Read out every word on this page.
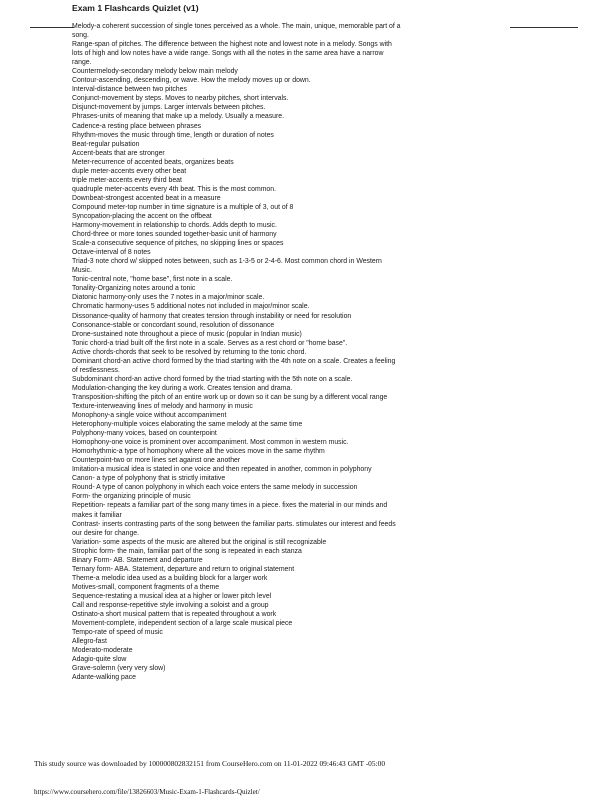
Exam 1 Flashcards Quizlet (v1)

Melody-a coherent succession of single tones perceived as a whole. The main, unique, memorable part of a song.

Range-span of pitches. The difference between the highest note and lowest note in a melody. Songs with lots of high and low notes have a wide range. Songs with all the notes in the same area have a narrow range.

Countermelody-secondary melody below main melody

Contour-ascending, descending, or wave. How the melody moves up or down.

Interval-distance between two pitches

Conjunct-movement by steps. Moves to nearby pitches, short intervals.

Disjunct-movement by jumps. Larger intervals between pitches.

Phrases-units of meaning that make up a melody. Usually a measure.

Cadence-a resting place between phrases

Rhythm-moves the music through time, length or duration of notes

Beat-regular pulsation

Accent-beats that are stronger

Meter-recurrence of accented beats, organizes beats

duple meter-accents every other beat

triple meter-accents every third beat

quadruple meter-accents every 4th beat. This is the most common.

Downbeat-strongest accented beat in a measure

Compound meter-top number in time signature is a multiple of 3, out of 8

Syncopation-placing the accent on the offbeat

Harmony-movement in relationship to chords. Adds depth to music.

Chord-three or more tones sounded together-basic unit of harmony

Scale-a consecutive sequence of pitches, no skipping lines or spaces

Octave-interval of 8 notes

Triad-3 note chord w/ skipped notes between, such as 1-3-5 or 2-4-6. Most common chord in Western Music.

Tonic-central note, "home base", first note in a scale.

Tonality-Organizing notes around a tonic

Diatonic harmony-only uses the 7 notes in a major/minor scale.

Chromatic harmony-uses 5 additional notes not included in major/minor scale.

Dissonance-quality of harmony that creates tension through instability or need for resolution

Consonance-stable or concordant sound, resolution of dissonance

Drone-sustained note throughout a piece of music (popular in Indian music)

Tonic chord-a triad built off the first note in a scale. Serves as a rest chord or "home base".

Active chords-chords that seek to be resolved by returning to the tonic chord.

Dominant chord-an active chord formed by the triad starting with the 4th note on a scale. Creates a feeling of restlessness.

Subdominant chord-an active chord formed by the triad starting with the 5th note on a scale.

Modulation-changing the key during a work. Creates tension and drama.

Transposition-shifting the pitch of an entire work up or down so it can be sung by a different vocal range

Texture-interweaving lines of melody and harmony in music

Monophony-a single voice without accompaniment

Heterophony-multiple voices elaborating the same melody at the same time

Polyphony-many voices, based on counterpoint

Homophony-one voice is prominent over accompaniment. Most common in western music.

Homorhythmic-a type of homophony where all the voices move in the same rhythm

Counterpoint-two or more lines set against one another

Imitation-a musical idea is stated in one voice and then repeated in another, common in polyphony

Canon- a type of polyphony that is strictly imitative

Round- A type of canon polyphony in which each voice enters the same melody in succession

Form- the organizing principle of music

Repetition- repeats a familiar part of the song many times in a piece. fixes the material in our minds and makes it familiar

Contrast- inserts contrasting parts of the song between the familiar parts. stimulates our interest and feeds our desire for change.

Variation- some aspects of the music are altered but the original is still recognizable

Strophic form- the main, familiar part of the song is repeated in each stanza

Binary Form- AB. Statement and departure

Ternary form- ABA. Statement, departure and return to original statement

Theme-a melodic idea used as a building block for a larger work

Motives-small, component fragments of a theme

Sequence-restating a musical idea at a higher or lower pitch level

Call and response-repetitive style involving a soloist and a group

Ostinato-a short musical pattern that is repeated throughout a work

Movement-complete, independent section of a large scale musical piece

Tempo-rate of speed of music

Allegro-fast

Moderato-moderate

Adagio-quite slow

Grave-solemn (very very slow)

Adante-walking pace

This study source was downloaded by 100000802832151 from CourseHero.com on 11-01-2022 09:46:43 GMT -05:00
https://www.coursehero.com/file/13826603/Music-Exam-1-Flashcards-Quizlet/
